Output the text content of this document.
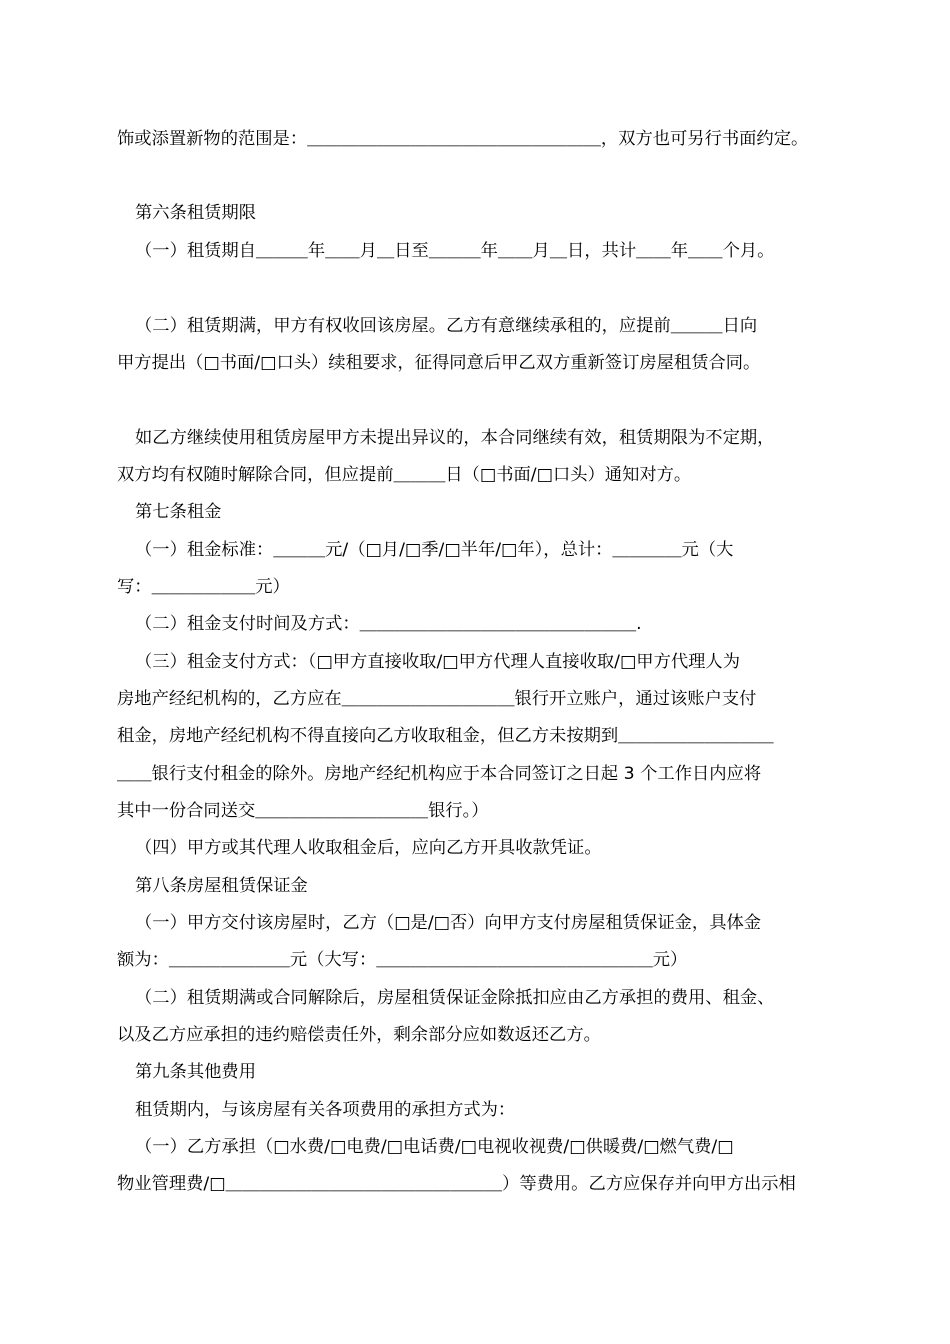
饰或添置新物的范围是：＿＿＿＿＿＿＿＿＿＿＿＿＿＿＿＿＿，双方也可另行书面约定。
第六条租赁期限
（一）租赁期自＿＿＿年＿＿月＿日至＿＿＿年＿＿月＿日，共计＿＿年＿＿个月。
（二）租赁期满，甲方有权收回该房屋。乙方有意继续承租的，应提前＿＿＿日向
甲方提出（□书面/□口头）续租要求，征得同意后甲乙双方重新签订房屋租赁合同。
如乙方继续使用租赁房屋甲方未提出异议的，本合同继续有效，租赁期限为不定期，
双方均有权随时解除合同，但应提前＿＿＿日（□书面/□口头）通知对方。
第七条租金
（一）租金标准：＿＿＿元/（□月/□季/□半年/□年），总计：＿＿＿＿元（大
写：＿＿＿＿＿＿元）
（二）租金支付时间及方式：＿＿＿＿＿＿＿＿＿＿＿＿＿＿＿＿.
（三）租金支付方式：（□甲方直接收取/□甲方代理人直接收取/□甲方代理人为
房地产经纪机构的，乙方应在＿＿＿＿＿＿＿＿＿＿银行开立账户，通过该账户支付
租金，房地产经纪机构不得直接向乙方收取租金，但乙方未按期到＿＿＿＿＿＿＿＿＿
＿＿银行支付租金的除外。房地产经纪机构应于本合同签订之日起 3 个工作日内应将
其中一份合同送交＿＿＿＿＿＿＿＿＿＿银行。）
（四）甲方或其代理人收取租金后，应向乙方开具收款凭证。
第八条房屋租赁保证金
（一）甲方交付该房屋时，乙方（□是/□否）向甲方支付房屋租赁保证金，具体金
额为：＿＿＿＿＿＿＿元（大写：＿＿＿＿＿＿＿＿＿＿＿＿＿＿＿＿元）
（二）租赁期满或合同解除后，房屋租赁保证金除抵扣应由乙方承担的费用、租金、
以及乙方应承担的违约赔偿责任外，剩余部分应如数返还乙方。
第九条其他费用
租赁期内，与该房屋有关各项费用的承担方式为：
（一）乙方承担（□水费/□电费/□电话费/□电视收视费/□供暖费/□燃气费/□
物业管理费/□＿＿＿＿＿＿＿＿＿＿＿＿＿＿＿＿）等费用。乙方应保存并向甲方出示相
